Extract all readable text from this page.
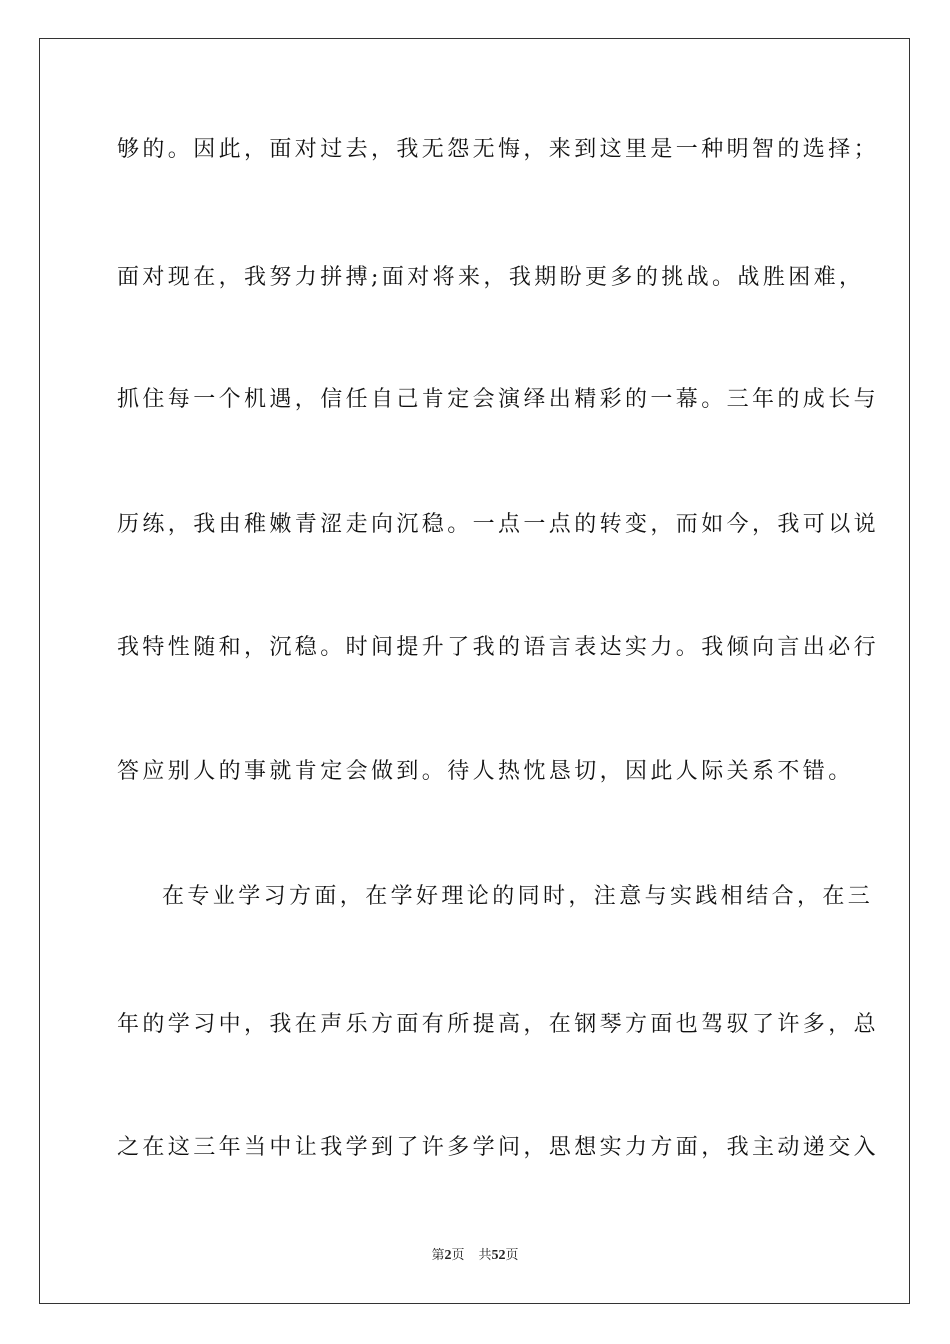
够的。因此，面对过去，我无怨无悔，来到这里是一种明智的选择；
面对现在，我努力拼搏;面对将来，我期盼更多的挑战。战胜困难，
抓住每一个机遇，信任自己肯定会演绎出精彩的一幕。三年的成长与
历练，我由稚嫩青涩走向沉稳。一点一点的转变，而如今，我可以说
我特性随和，沉稳。时间提升了我的语言表达实力。我倾向言出必行
答应别人的事就肯定会做到。待人热忱恳切，因此人际关系不错。
在专业学习方面，在学好理论的同时，注意与实践相结合，在三
年的学习中，我在声乐方面有所提高，在钢琴方面也驾驭了许多，总
之在这三年当中让我学到了许多学问，思想实力方面，我主动递交入
第2页 共52页
